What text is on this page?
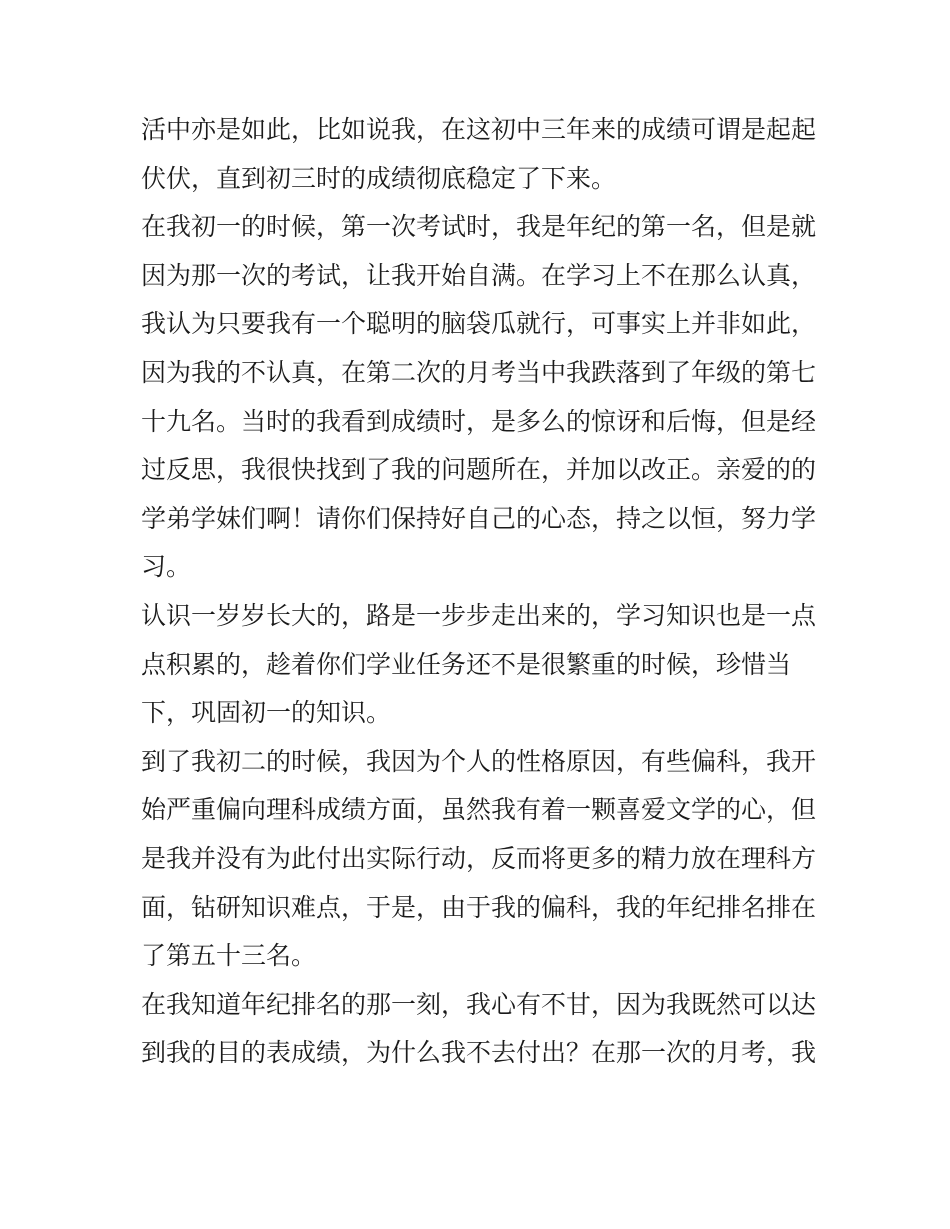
活中亦是如此，比如说我，在这初中三年来的成绩可谓是起起
伏伏，直到初三时的成绩彻底稳定了下来。
在我初一的时候，第一次考试时，我是年纪的第一名，但是就
因为那一次的考试，让我开始自满。在学习上不在那么认真，
我认为只要我有一个聪明的脑袋瓜就行，可事实上并非如此，
因为我的不认真，在第二次的月考当中我跌落到了年级的第七
十九名。当时的我看到成绩时，是多么的惊讶和后悔，但是经
过反思，我很快找到了我的问题所在，并加以改正。亲爱的的
学弟学妹们啊！请你们保持好自己的心态，持之以恒，努力学
习。
认识一岁岁长大的，路是一步步走出来的，学习知识也是一点
点积累的，趁着你们学业任务还不是很繁重的时候，珍惜当
下，巩固初一的知识。
到了我初二的时候，我因为个人的性格原因，有些偏科，我开
始严重偏向理科成绩方面，虽然我有着一颗喜爱文学的心，但
是我并没有为此付出实际行动，反而将更多的精力放在理科方
面，钻研知识难点，于是，由于我的偏科，我的年纪排名排在
了第五十三名。
在我知道年纪排名的那一刻，我心有不甘，因为我既然可以达
到我的目的表成绩，为什么我不去付出？在那一次的月考，我
